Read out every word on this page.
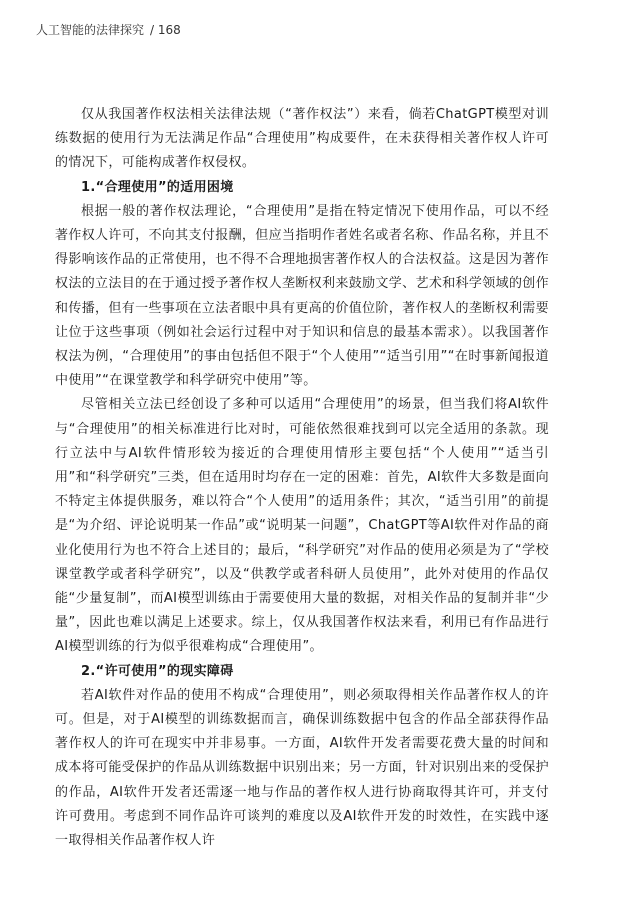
人工智能的法律探究 / 168

仅从我国著作权法相关法律法规（“著作权法”）来看，倘若ChatGPT模型对训练数据的使用行为无法满足作品“合理使用”构成要件，在未获得相关著作权人许可的情况下，可能构成著作权侵权。

1.“合理使用”的适用困境

根据一般的著作权法理论，“合理使用”是指在特定情况下使用作品，可以不经著作权人许可，不向其支付报酬，但应当指明作者姓名或者名称、作品名称，并且不得影响该作品的正常使用，也不得不合理地损害著作权人的合法权益。这是因为著作权法的立法目的在于通过授予著作权人垄断权利来鼓励文学、艺术和科学领域的创作和传播，但有一些事项在立法者眼中具有更高的价值位阶，著作权人的垄断权利需要让位于这些事项（例如社会运行过程中对于知识和信息的最基本需求）。以我国著作权法为例，“合理使用”的事由包括但不限于“个人使用”“适当引用”“在时事新闻报道中使用”“在课堂教学和科学研究中使用”等。

尽管相关立法已经创设了多种可以适用“合理使用”的场景，但当我们将AI软件与“合理使用”的相关标准进行比对时，可能依然很难找到可以完全适用的条款。现行立法中与AI软件情形较为接近的合理使用情形主要包括“个人使用”“适当引用”和“科学研究”三类，但在适用时均存在一定的困难：首先，AI软件大多数是面向不特定主体提供服务，难以符合“个人使用”的适用条件；其次，“适当引用”的前提是“为介绍、评论说明某一作品”或“说明某一问题”，ChatGPT等AI软件对作品的商业化使用行为也不符合上述目的；最后，“科学研究”对作品的使用必须是为了“学校课堂教学或者科学研究”，以及“供教学或者科研人员使用”，此外对使用的作品仅能“少量复制”，而AI模型训练由于需要使用大量的数据，对相关作品的复制并非“少量”，因此也难以满足上述要求。综上，仅从我国著作权法来看，利用已有作品进行AI模型训练的行为似乎很难构成“合理使用”。

2.“许可使用”的现实障碍

若AI软件对作品的使用不构成“合理使用”，则必须取得相关作品著作权人的许可。但是，对于AI模型的训练数据而言，确保训练数据中包含的作品全部获得作品著作权人的许可在现实中并非易事。一方面，AI软件开发者需要花费大量的时间和成本将可能受保护的作品从训练数据中识别出来；另一方面，针对识别出来的受保护的作品，AI软件开发者还需逐一地与作品的著作权人进行协商取得其许可，并支付许可费用。考虑到不同作品许可谈判的难度以及AI软件开发的时效性，在实践中逐一取得相关作品著作权人许
